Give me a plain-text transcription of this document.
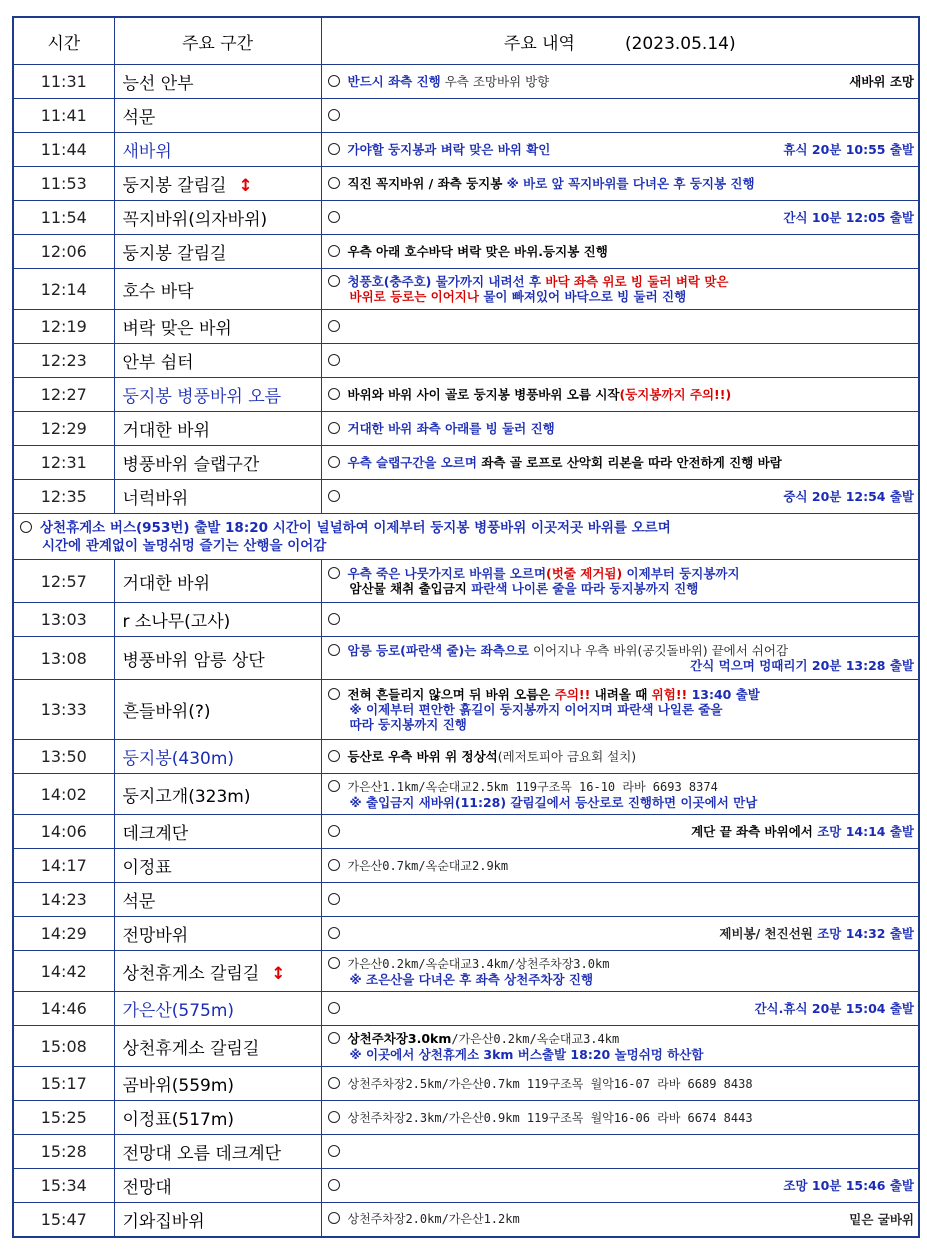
시간	주요 구간	주요 내역 (2023.05.14)
11:31	능선 안부	반드시 좌측 진행 우측 조망바위 방향 새바위 조망

11:41	석문	

11:44	새바위	가야할 둥지봉과 벼락 맞은 바위 확인 휴식 20분 10:55 출발

11:53	둥지봉 갈림길 ↕	직진 꼭지바위 / 좌측 둥지봉 ※ 바로 앞 꼭지바위를 다녀온 후 둥지봉 진행

11:54	꼭지바위(의자바위)	간식 10분 12:05 출발

12:06	둥지봉 갈림길	우측 아래 호수바닥 벼락 맞은 바위.등지봉 진행

12:14	호수 바닥	청풍호(충주호) 물가까지 내려선 후 바닥 좌측 위로 빙 둘러 벼락 맞은
바위로 등로는 이어지나 물이 빠져있어 바닥으로 빙 둘러 진행

12:19	벼락 맞은 바위	

12:23	안부 쉼터	

12:27	둥지봉 병풍바위 오름	바위와 바위 사이 골로 둥지봉 병풍바위 오름 시작(둥지봉까지 주의!!)

12:29	거대한 바위	거대한 바위 좌측 아래를 빙 둘러 진행

12:31	병풍바위 슬랩구간	우측 슬랩구간을 오르며 좌측 골 로프로 산악회 리본을 따라 안전하게 진행 바람

12:35	너럭바위	중식 20분 12:54 출발

상천휴게소 버스(953번) 출발 18:20 시간이 널널하여 이제부터 둥지봉 병풍바위 이곳저곳 바위를 오르며
시간에 관계없이 놀멍쉬멍 즐기는 산행을 이어감		

12:57	거대한 바위	우측 죽은 나뭇가지로 바위를 오르며(벗줄 제거됨) 이제부터 둥지봉까지
암산물 채취 출입금지 파란색 나이론 줄을 따라 둥지봉까지 진행

13:03	r 소나무(고사)	

13:08	병풍바위 암릉 상단	암릉 등로(파란색 줄)는 좌측으로 이어지나 우측 바위(공깃돌바위) 끝에서 쉬어감
간식 먹으며 멍때리기 20분 13:28 출발

13:33	흔들바위(?)	전혀 흔들리지 않으며 뒤 바위 오름은 주의!! 내려올 때 위험!! 13:40 출발
※ 이제부터 편안한 흙길이 둥지봉까지 이어지며 파란색 나일론 줄을
따라 둥지봉까지 진행

13:50	둥지봉(430m)	등산로 우측 바위 위 정상석(레저토피아 금요회 설치)

14:02	둥지고개(323m)	가은산1.1km/옥순대교2.5km 119구조목 16-10 라바 6693 8374
※ 출입금지 새바위(11:28) 갈림길에서 등산로로 진행하면 이곳에서 만남

14:06	데크계단	계단 끝 좌측 바위에서 조망 14:14 출발

14:17	이정표	가은산0.7km/옥순대교2.9km

14:23	석문	

14:29	전망바위	제비봉/ 천진선원 조망 14:32 출발

14:42	상천휴게소 갈림길 ↕	가은산0.2km/옥순대교3.4km/상천주차장3.0km
※ 조은산을 다녀온 후 좌측 상천주차장 진행

14:46	가은산(575m)	간식.휴식 20분 15:04 출발

15:08	상천휴게소 갈림길	상천주차장3.0km/가은산0.2km/옥순대교3.4km
※ 이곳에서 상천휴게소 3km 버스출발 18:20 놀멍쉬멍 하산함

15:17	곰바위(559m)	상천주차장2.5km/가은산0.7km 119구조목 월악16-07 라바 6689 8438

15:25	이정표(517m)	상천주차장2.3km/가은산0.9km 119구조목 월악16-06 라바 6674 8443

15:28	전망대 오름 데크계단	

15:34	전망대	조망 10분 15:46 출발

15:47	기와집바위	상천주차장2.0km/가은산1.2km 밑은 굴바위
